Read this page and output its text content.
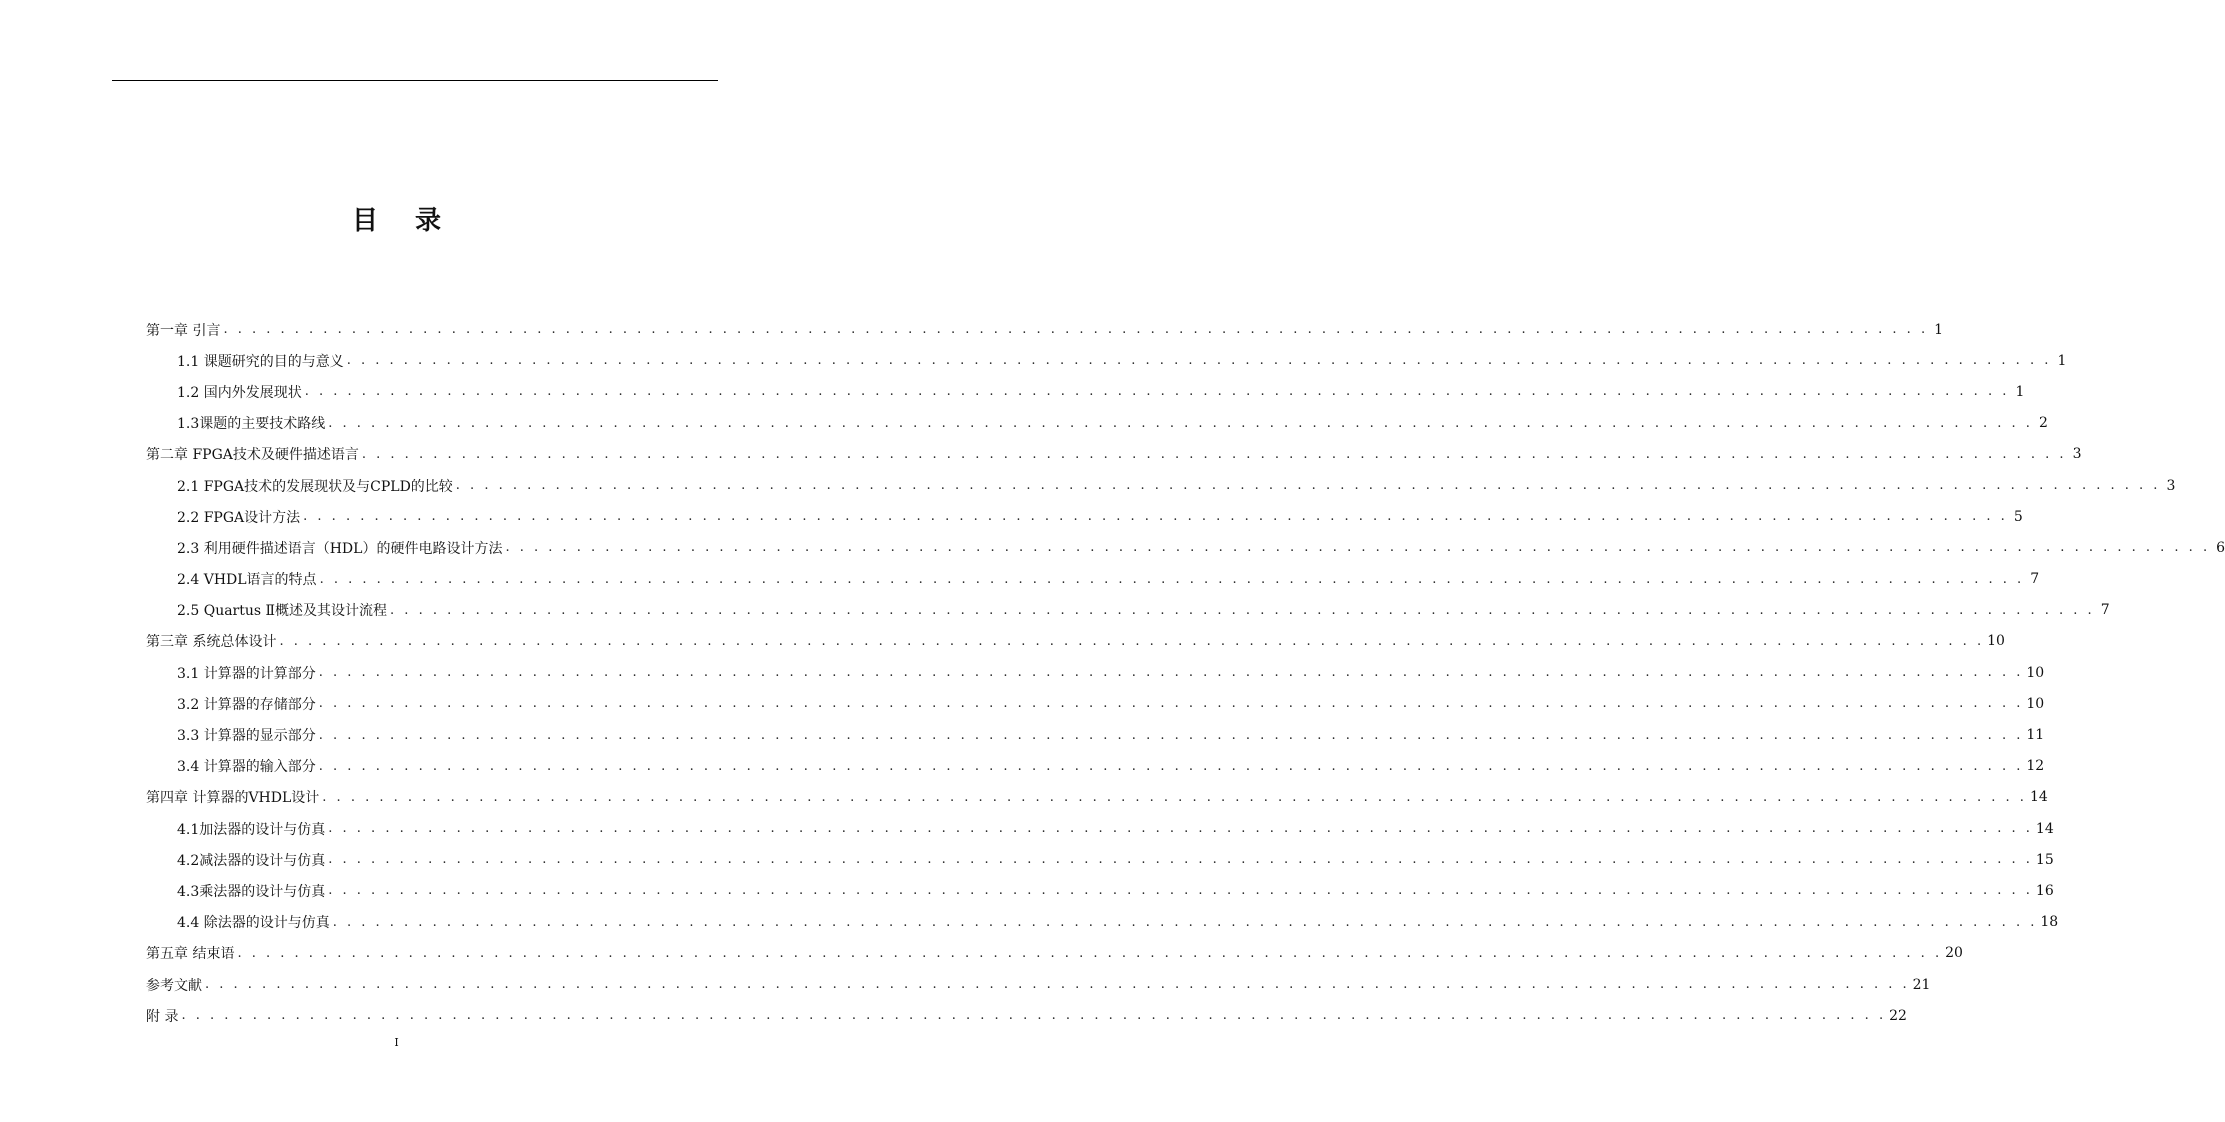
目 录
第一章 引言 . . . . . . . . . . . . . . . . . . . . . . . . . . . . . . . . . . . . . . . . . . . . . . . . . . . . . . . . . . . . . . . . . . . . . . . . . . . . . . . . . . . . . . . . . . . . . . . . . . . . . . . . . . . . . . . . . . . . . . . . 1
1.1 课题研究的目的与意义 . . . . . . . . . . . . . . . . . . . . . . . . . . . . . . . . . . . . . . . . . . . . . . . . . . . . . . . . . . . . . . . . . . . . . . . . . . . . . . . . . . . . . . . . . . . . . . . . . . . . . . . . . . . . . . . . . . . . . . . . 1
1.2 国内外发展现状 . . . . . . . . . . . . . . . . . . . . . . . . . . . . . . . . . . . . . . . . . . . . . . . . . . . . . . . . . . . . . . . . . . . . . . . . . . . . . . . . . . . . . . . . . . . . . . . . . . . . . . . . . . . . . . . . . . . . . . . . 1
1.3课题的主要技术路线 . . . . . . . . . . . . . . . . . . . . . . . . . . . . . . . . . . . . . . . . . . . . . . . . . . . . . . . . . . . . . . . . . . . . . . . . . . . . . . . . . . . . . . . . . . . . . . . . . . . . . . . . . . . . . . . . . . . . . . . . 2
第二章 FPGA技术及硬件描述语言 . . . . . . . . . . . . . . . . . . . . . . . . . . . . . . . . . . . . . . . . . . . . . . . . . . . . . . . . . . . . . . . . . . . . . . . . . . . . . . . . . . . . . . . . . . . . . . . . . . . . . . . . . . . . . . . . . . . . . . . . 3
2.1 FPGA技术的发展现状及与CPLD的比较 . . . . . . . . . . . . . . . . . . . . . . . . . . . . . . . . . . . . . . . . . . . . . . . . . . . . . . . . . . . . . . . . . . . . . . . . . . . . . . . . . . . . . . . . . . . . . . . . . . . . . . . . . . . . . . . . . . . . . . . . 3
2.2 FPGA设计方法 . . . . . . . . . . . . . . . . . . . . . . . . . . . . . . . . . . . . . . . . . . . . . . . . . . . . . . . . . . . . . . . . . . . . . . . . . . . . . . . . . . . . . . . . . . . . . . . . . . . . . . . . . . . . . . . . . . . . . . . . 5
2.3 利用硬件描述语言（HDL）的硬件电路设计方法 . . . . . . . . . . . . . . . . . . . . . . . . . . . . . . . . . . . . . . . . . . . . . . . . . . . . . . . . . . . . . . . . . . . . . . . . . . . . . . . . . . . . . . . . . . . . . . . . . . . . . . . . . . . . . . . . . . . . . . . . 6
2.4 VHDL语言的特点 . . . . . . . . . . . . . . . . . . . . . . . . . . . . . . . . . . . . . . . . . . . . . . . . . . . . . . . . . . . . . . . . . . . . . . . . . . . . . . . . . . . . . . . . . . . . . . . . . . . . . . . . . . . . . . . . . . . . . . . . 7
2.5 Quartus Ⅱ概述及其设计流程 . . . . . . . . . . . . . . . . . . . . . . . . . . . . . . . . . . . . . . . . . . . . . . . . . . . . . . . . . . . . . . . . . . . . . . . . . . . . . . . . . . . . . . . . . . . . . . . . . . . . . . . . . . . . . . . . . . . . . . . . 7
第三章 系统总体设计 . . . . . . . . . . . . . . . . . . . . . . . . . . . . . . . . . . . . . . . . . . . . . . . . . . . . . . . . . . . . . . . . . . . . . . . . . . . . . . . . . . . . . . . . . . . . . . . . . . . . . . . . . . . . . . . . . . . . . . . . 10
3.1 计算器的计算部分 . . . . . . . . . . . . . . . . . . . . . . . . . . . . . . . . . . . . . . . . . . . . . . . . . . . . . . . . . . . . . . . . . . . . . . . . . . . . . . . . . . . . . . . . . . . . . . . . . . . . . . . . . . . . . . . . . . . . . . . . 10
3.2 计算器的存储部分 . . . . . . . . . . . . . . . . . . . . . . . . . . . . . . . . . . . . . . . . . . . . . . . . . . . . . . . . . . . . . . . . . . . . . . . . . . . . . . . . . . . . . . . . . . . . . . . . . . . . . . . . . . . . . . . . . . . . . . . . 10
3.3 计算器的显示部分 . . . . . . . . . . . . . . . . . . . . . . . . . . . . . . . . . . . . . . . . . . . . . . . . . . . . . . . . . . . . . . . . . . . . . . . . . . . . . . . . . . . . . . . . . . . . . . . . . . . . . . . . . . . . . . . . . . . . . . . . 11
3.4 计算器的输入部分 . . . . . . . . . . . . . . . . . . . . . . . . . . . . . . . . . . . . . . . . . . . . . . . . . . . . . . . . . . . . . . . . . . . . . . . . . . . . . . . . . . . . . . . . . . . . . . . . . . . . . . . . . . . . . . . . . . . . . . . . 12
第四章 计算器的VHDL设计 . . . . . . . . . . . . . . . . . . . . . . . . . . . . . . . . . . . . . . . . . . . . . . . . . . . . . . . . . . . . . . . . . . . . . . . . . . . . . . . . . . . . . . . . . . . . . . . . . . . . . . . . . . . . . . . . . . . . . . . . 14
4.1加法器的设计与仿真 . . . . . . . . . . . . . . . . . . . . . . . . . . . . . . . . . . . . . . . . . . . . . . . . . . . . . . . . . . . . . . . . . . . . . . . . . . . . . . . . . . . . . . . . . . . . . . . . . . . . . . . . . . . . . . . . . . . . . . . . 14
4.2减法器的设计与仿真 . . . . . . . . . . . . . . . . . . . . . . . . . . . . . . . . . . . . . . . . . . . . . . . . . . . . . . . . . . . . . . . . . . . . . . . . . . . . . . . . . . . . . . . . . . . . . . . . . . . . . . . . . . . . . . . . . . . . . . . . 15
4.3乘法器的设计与仿真 . . . . . . . . . . . . . . . . . . . . . . . . . . . . . . . . . . . . . . . . . . . . . . . . . . . . . . . . . . . . . . . . . . . . . . . . . . . . . . . . . . . . . . . . . . . . . . . . . . . . . . . . . . . . . . . . . . . . . . . . 16
4.4 除法器的设计与仿真 . . . . . . . . . . . . . . . . . . . . . . . . . . . . . . . . . . . . . . . . . . . . . . . . . . . . . . . . . . . . . . . . . . . . . . . . . . . . . . . . . . . . . . . . . . . . . . . . . . . . . . . . . . . . . . . . . . . . . . . . 18
第五章 结束语 . . . . . . . . . . . . . . . . . . . . . . . . . . . . . . . . . . . . . . . . . . . . . . . . . . . . . . . . . . . . . . . . . . . . . . . . . . . . . . . . . . . . . . . . . . . . . . . . . . . . . . . . . . . . . . . . . . . . . . . . 20
参考文献 . . . . . . . . . . . . . . . . . . . . . . . . . . . . . . . . . . . . . . . . . . . . . . . . . . . . . . . . . . . . . . . . . . . . . . . . . . . . . . . . . . . . . . . . . . . . . . . . . . . . . . . . . . . . . . . . . . . . . . . . 21
附 录 . . . . . . . . . . . . . . . . . . . . . . . . . . . . . . . . . . . . . . . . . . . . . . . . . . . . . . . . . . . . . . . . . . . . . . . . . . . . . . . . . . . . . . . . . . . . . . . . . . . . . . . . . . . . . . . . . . . . . . . . 22
I
